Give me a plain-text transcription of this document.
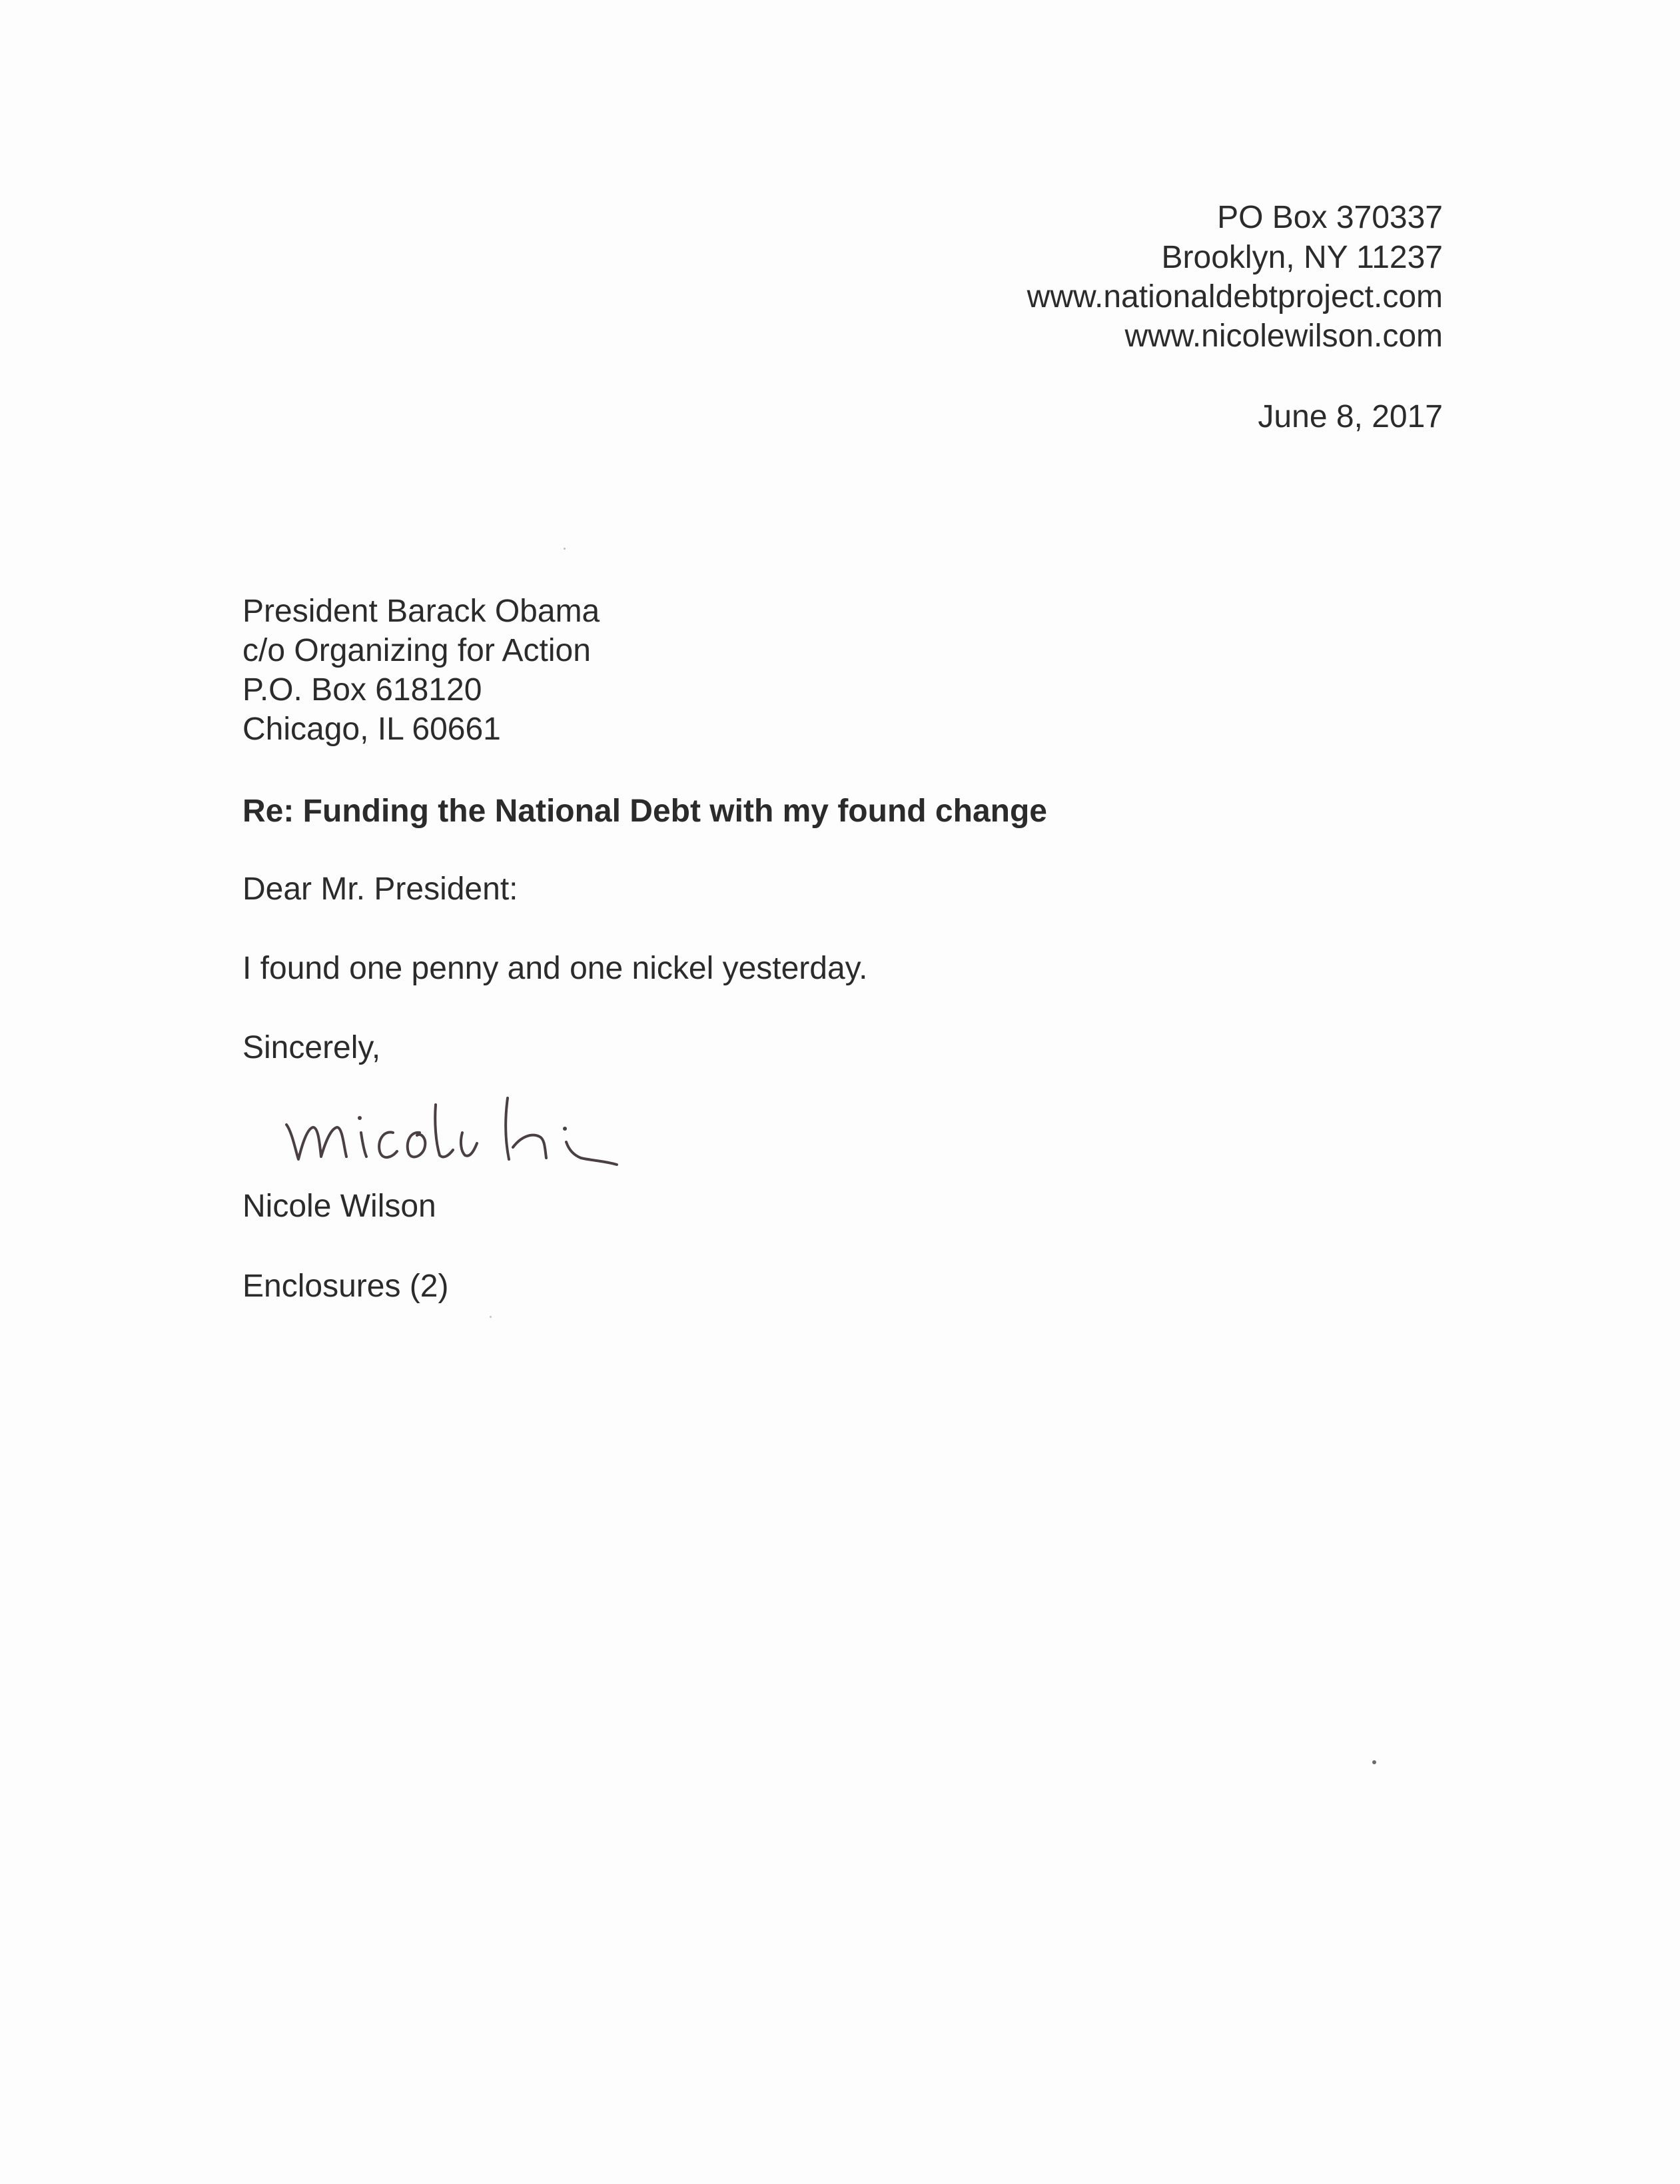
PO Box 370337
Brooklyn, NY 11237
www.nationaldebtproject.com
www.nicolewilson.com
June 8, 2017
President Barack Obama
c/o Organizing for Action
P.O. Box 618120
Chicago, IL 60661
Re: Funding the National Debt with my found change
Dear Mr. President:
I found one penny and one nickel yesterday.
Sincerely,
Nicole Wilson
Enclosures (2)
